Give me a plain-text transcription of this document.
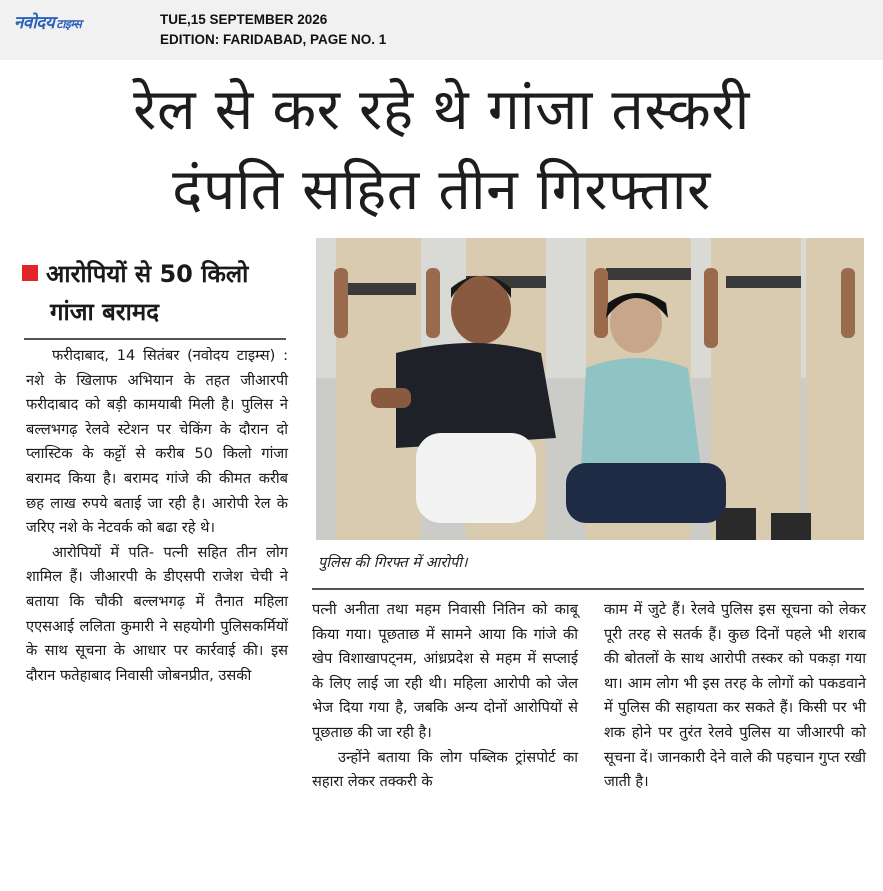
नवोदय टाइम्स	TUE,15 SEPTEMBER 2026
EDITION: FARIDABAD, PAGE NO. 1
रेल से कर रहे थे गांजा तस्करी
दंपति सहित तीन गिरफ्तार
आरोपियों से 50 किलो
गांजा बरामद

फरीदाबाद, 14 सितंबर (नवोदय टाइम्स) : नशे के खिलाफ अभियान के तहत जीआरपी फरीदाबाद को बड़ी कामयाबी मिली है। पुलिस ने बल्लभगढ़ रेलवे स्टेशन पर चेकिंग के दौरान दो प्लास्टिक के कट्टों से करीब 50 किलो गांजा बरामद किया है। बरामद गांजे की कीमत करीब छह लाख रुपये बताई जा रही है। आरोपी रेल के जरिए नशे के नेटवर्क को बढा रहे थे।

आरोपियों में पति- पत्नी सहित तीन लोग शामिल हैं। जीआरपी के डीएसपी राजेश चेची ने बताया कि चौकी बल्लभगढ़ में तैनात महिला एएसआई ललिता कुमारी ने सहयोगी पुलिसकर्मियों के साथ सूचना के आधार पर कार्रवाई की। इस दौरान फतेहाबाद निवासी जोबनप्रीत, उसकी

पुलिस की गिरफ्त में आरोपी।

पत्नी अनीता तथा महम निवासी नितिन को काबू किया गया। पूछताछ में सामने आया कि गांजे की खेप विशाखापट्नम, आंध्रप्रदेश से महम में सप्लाई के लिए लाई जा रही थी। महिला आरोपी को जेल भेज दिया गया है, जबकि अन्य दोनों आरोपियों से पूछताछ की जा रही है।

उन्होंने बताया कि लोग पब्लिक ट्रांसपोर्ट का सहारा लेकर तक्करी के

काम में जुटे हैं। रेलवे पुलिस इस सूचना को लेकर पूरी तरह से सतर्क हैं। कुछ दिनों पहले भी शराब की बोतलों के साथ आरोपी तस्कर को पकड़ा गया था। आम लोग भी इस तरह के लोगों को पकडवाने में पुलिस की सहायता कर सकते हैं। किसी पर भी शक होने पर तुरंत रेलवे पुलिस या जीआरपी को सूचना दें। जानकारी देने वाले की पहचान गुप्त रखी जाती है।
